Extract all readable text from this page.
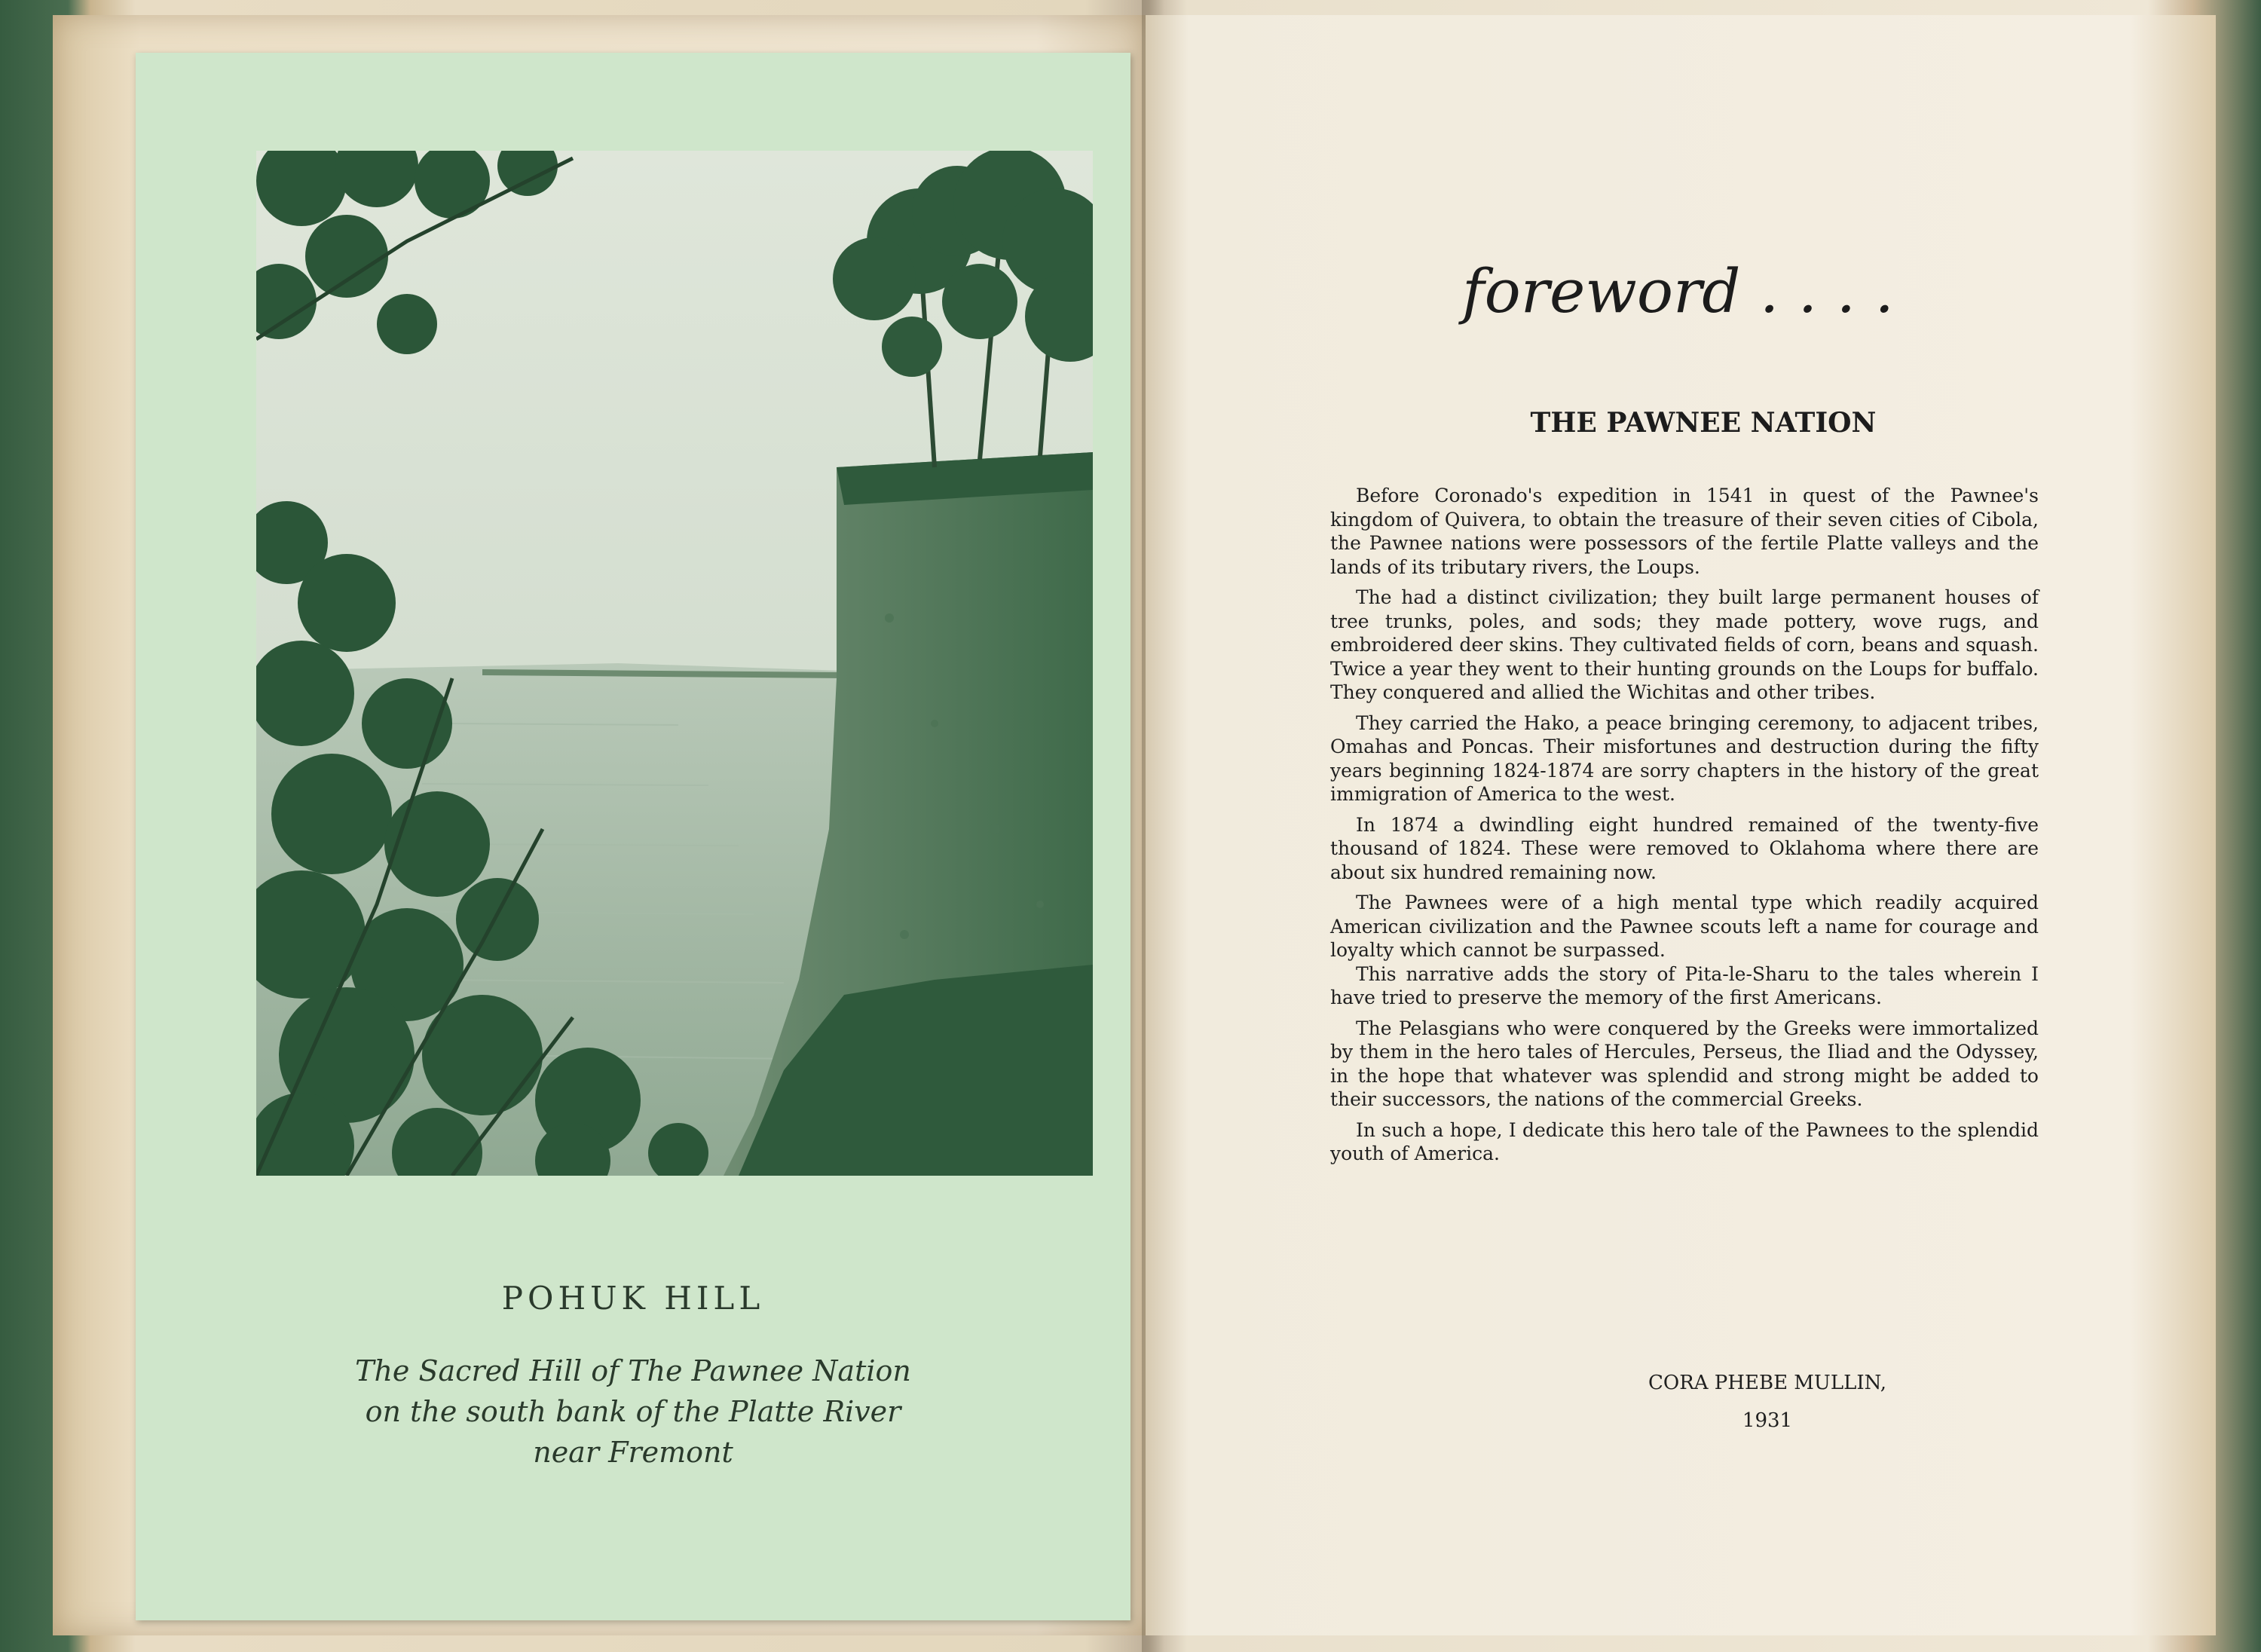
POHUK HILL
The Sacred Hill of The Pawnee Nation
on the south bank of the Platte River
near Fremont
foreword . . . .
THE PAWNEE NATION

Before Coronado's expedition in 1541 in quest of the Pawnee's kingdom of Quivera, to obtain the treasure of their seven cities of Cibola, the Pawnee nations were possessors of the fertile Platte valleys and the lands of its tributary rivers, the Loups.

The had a distinct civilization; they built large permanent houses of tree trunks, poles, and sods; they made pottery, wove rugs, and embroidered deer skins. They cultivated fields of corn, beans and squash. Twice a year they went to their hunting grounds on the Loups for buffalo. They conquered and allied the Wichitas and other tribes.

They carried the Hako, a peace bringing ceremony, to adjacent tribes, Omahas and Poncas. Their misfortunes and destruction during the fifty years beginning 1824-1874 are sorry chapters in the history of the great immigration of America to the west.

In 1874 a dwindling eight hundred remained of the twenty-five thousand of 1824. These were removed to Oklahoma where there are about six hundred remaining now.

The Pawnees were of a high mental type which readily acquired American civilization and the Pawnee scouts left a name for courage and loyalty which cannot be surpassed.

This narrative adds the story of Pita-le-Sharu to the tales wherein I have tried to preserve the memory of the first Americans.

The Pelasgians who were conquered by the Greeks were immortalized by them in the hero tales of Hercules, Perseus, the Iliad and the Odyssey, in the hope that whatever was splendid and strong might be added to their successors, the nations of the commercial Greeks.

In such a hope, I dedicate this hero tale of the Pawnees to the splendid youth of America.

CORA PHEBE MULLIN,
1931
